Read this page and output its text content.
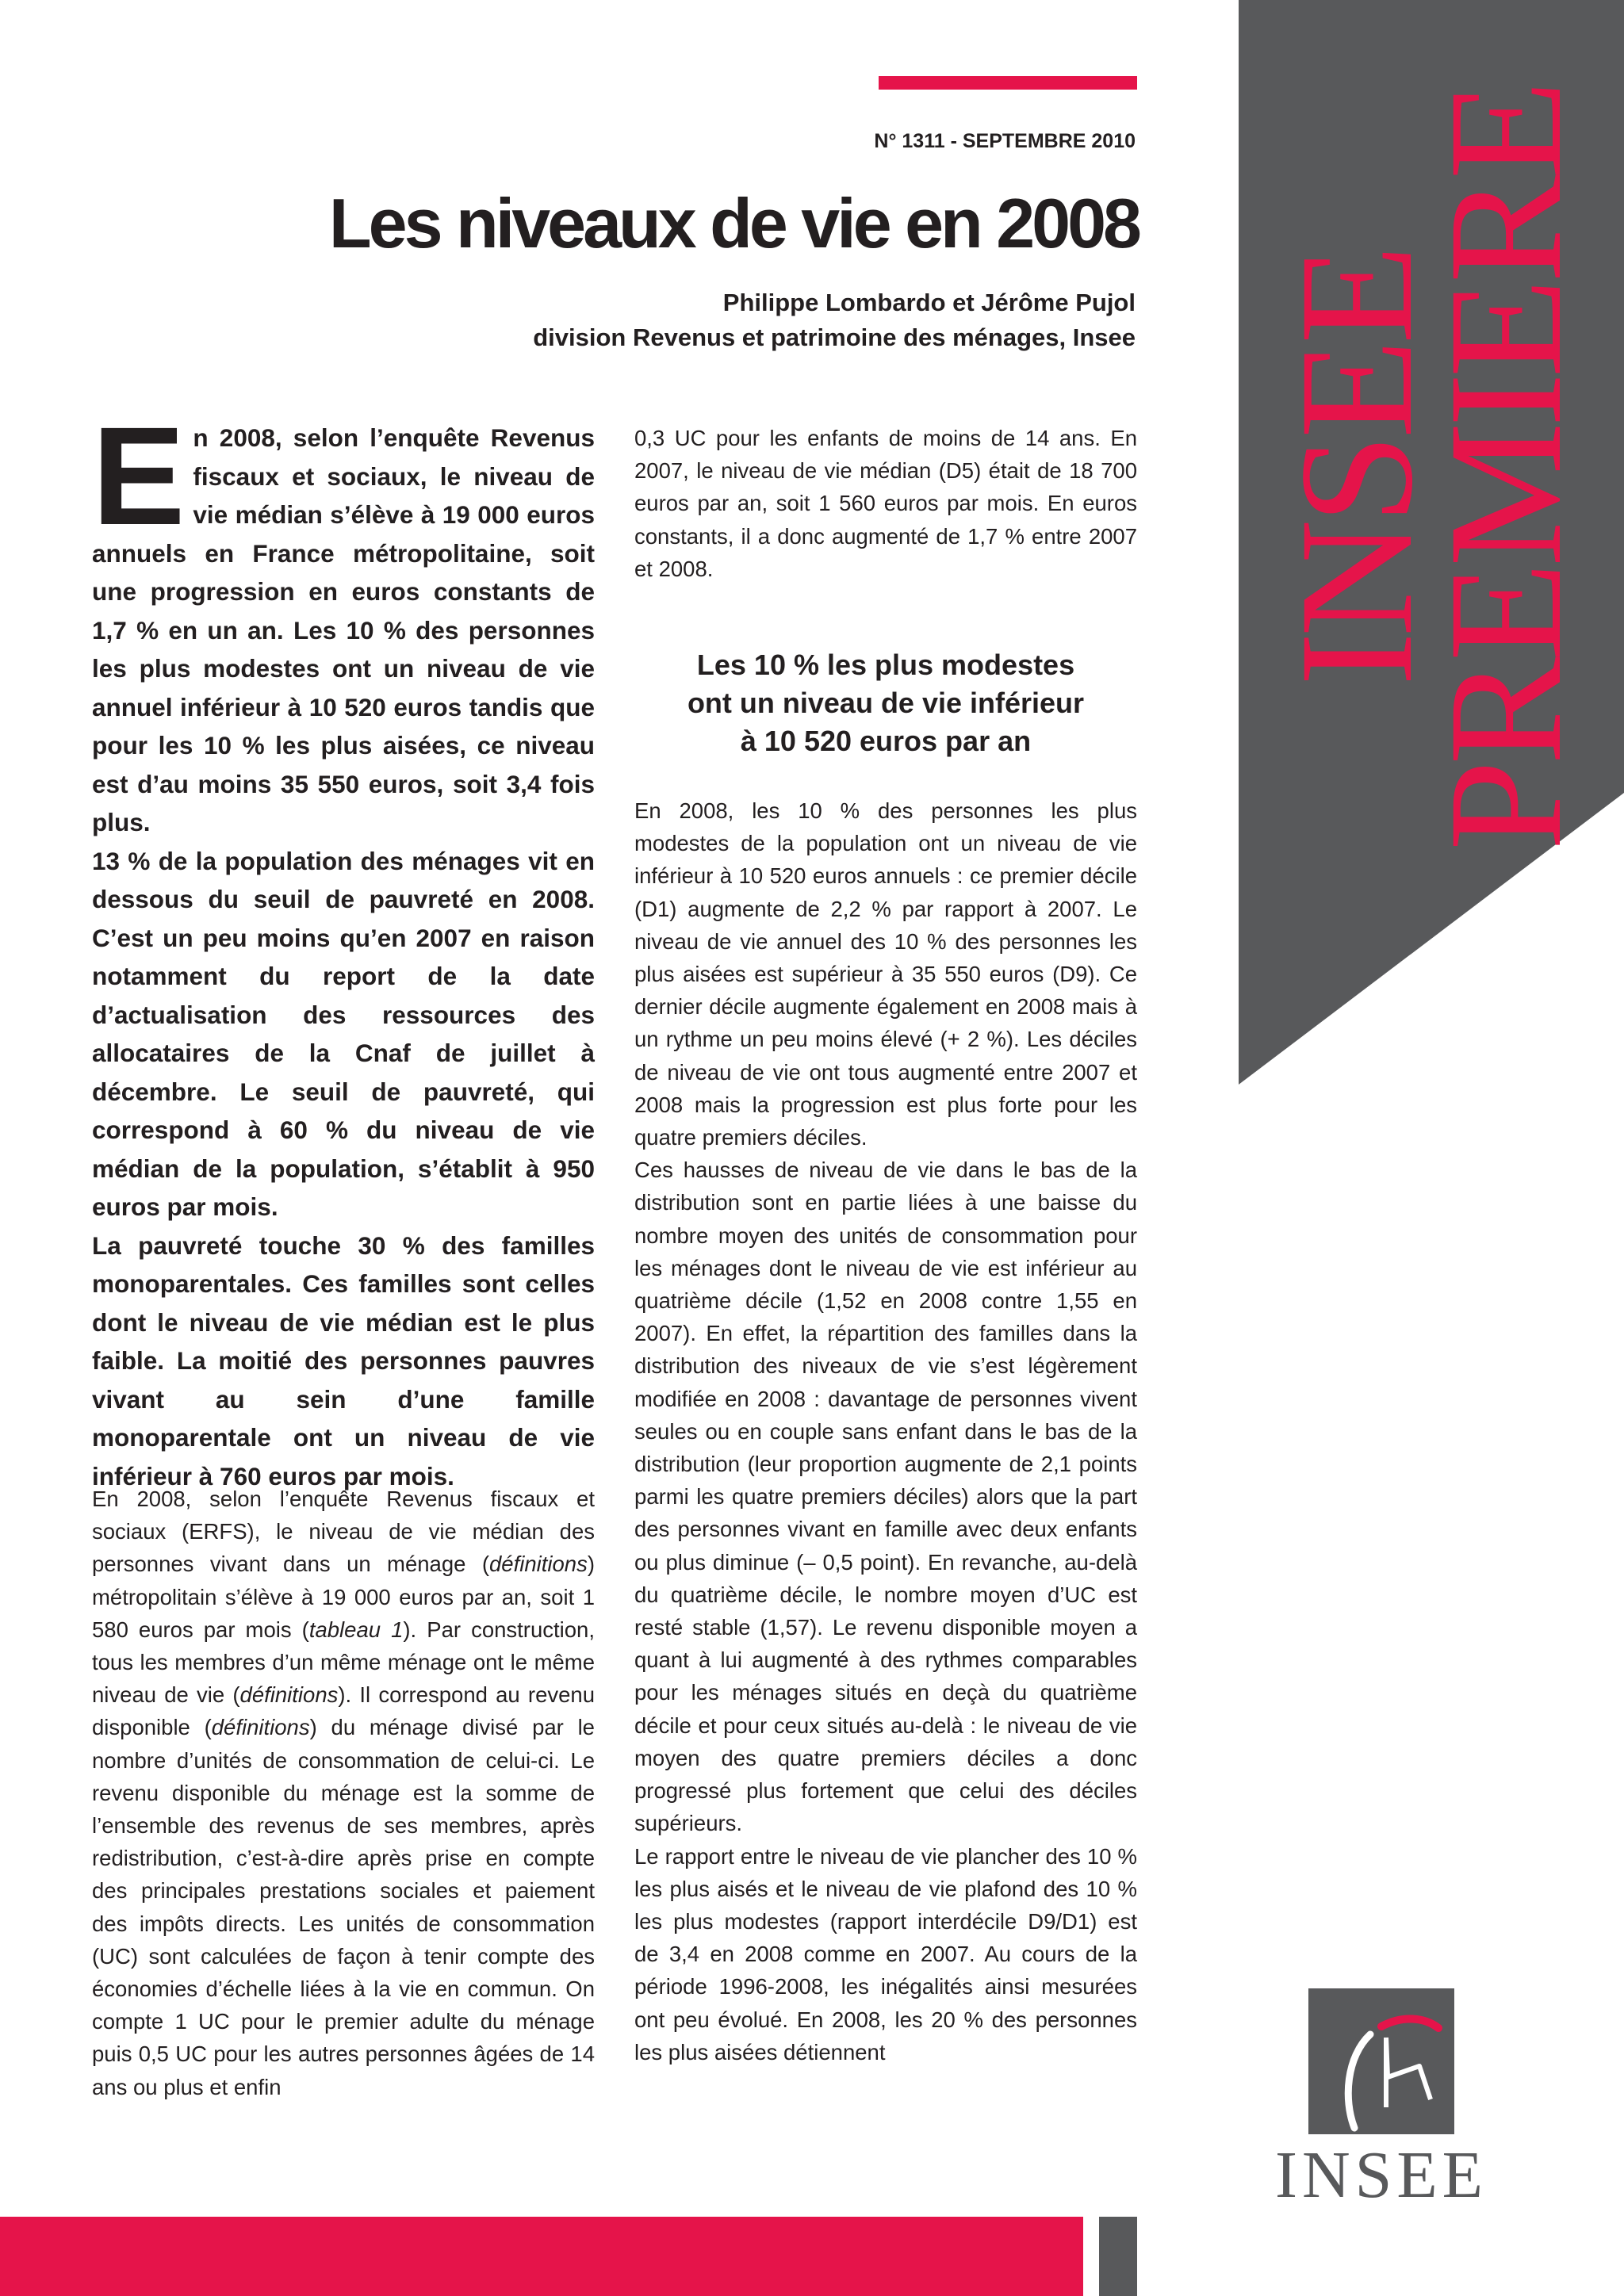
INSEE
PREMIERE
N° 1311 - SEPTEMBRE 2010
Les niveaux de vie en 2008
Philippe Lombardo et Jérôme Pujol
division Revenus et patrimoine des ménages, Insee

En 2008, selon l’enquête Revenus fiscaux et sociaux, le niveau de vie médian s’élève à 19 000 euros annuels en France métropolitaine, soit une progression en euros constants de 1,7 % en un an. Les 10 % des personnes les plus modestes ont un niveau de vie annuel inférieur à 10 520 euros tandis que pour les 10 % les plus aisées, ce niveau est d’au moins 35 550 euros, soit 3,4 fois plus.

13 % de la population des ménages vit en dessous du seuil de pauvreté en 2008. C’est un peu moins qu’en 2007 en raison notamment du report de la date d’actualisation des ressources des allocataires de la Cnaf de juillet à décembre. Le seuil de pauvreté, qui correspond à 60 % du niveau de vie médian de la population, s’établit à 950 euros par mois.

La pauvreté touche 30 % des familles monoparentales. Ces familles sont celles dont le niveau de vie médian est le plus faible. La moitié des personnes pauvres vivant au sein d’une famille monoparentale ont un niveau de vie inférieur à 760 euros par mois.

En 2008, selon l’enquête Revenus fiscaux et sociaux (ERFS), le niveau de vie médian des personnes vivant dans un ménage (définitions) métropolitain s’élève à 19 000 euros par an, soit 1 580 euros par mois (tableau 1). Par construction, tous les membres d’un même ménage ont le même niveau de vie (définitions). Il correspond au revenu disponible (définitions) du ménage divisé par le nombre d’unités de consommation de celui-ci. Le revenu disponible du ménage est la somme de l’ensemble des revenus de ses membres, après redistribution, c’est-à-dire après prise en compte des principales prestations sociales et paiement des impôts directs. Les unités de consommation (UC) sont calculées de façon à tenir compte des économies d’échelle liées à la vie en commun. On compte 1 UC pour le premier adulte du ménage puis 0,5 UC pour les autres personnes âgées de 14 ans ou plus et enfin

0,3 UC pour les enfants de moins de 14 ans. En 2007, le niveau de vie médian (D5) était de 18 700 euros par an, soit 1 560 euros par mois. En euros constants, il a donc augmenté de 1,7 % entre 2007 et 2008.

Les 10 % les plus modestes
ont un niveau de vie inférieur
à 10 520 euros par an

En 2008, les 10 % des personnes les plus modestes de la population ont un niveau de vie inférieur à 10 520 euros annuels : ce premier décile (D1) augmente de 2,2 % par rapport à 2007. Le niveau de vie annuel des 10 % des personnes les plus aisées est supérieur à 35 550 euros (D9). Ce dernier décile augmente également en 2008 mais à un rythme un peu moins élevé (+ 2 %). Les déciles de niveau de vie ont tous augmenté entre 2007 et 2008 mais la progression est plus forte pour les quatre premiers déciles.

Ces hausses de niveau de vie dans le bas de la distribution sont en partie liées à une baisse du nombre moyen des unités de consommation pour les ménages dont le niveau de vie est inférieur au quatrième décile (1,52 en 2008 contre 1,55 en 2007). En effet, la répartition des familles dans la distribution des niveaux de vie s’est légèrement modifiée en 2008 : davantage de personnes vivent seules ou en couple sans enfant dans le bas de la distribution (leur proportion augmente de 2,1 points parmi les quatre premiers déciles) alors que la part des personnes vivant en famille avec deux enfants ou plus diminue (– 0,5 point). En revanche, au-delà du quatrième décile, le nombre moyen d’UC est resté stable (1,57). Le revenu disponible moyen a quant à lui augmenté à des rythmes comparables pour les ménages situés en deçà du quatrième décile et pour ceux situés au-delà : le niveau de vie moyen des quatre premiers déciles a donc progressé plus fortement que celui des déciles supérieurs.

Le rapport entre le niveau de vie plancher des 10 % les plus aisés et le niveau de vie plafond des 10 % les plus modestes (rapport interdécile D9/D1) est de 3,4 en 2008 comme en 2007. Au cours de la période 1996-2008, les inégalités ainsi mesurées ont peu évolué. En 2008, les 20 % des personnes les plus aisées détiennent

INSEE
